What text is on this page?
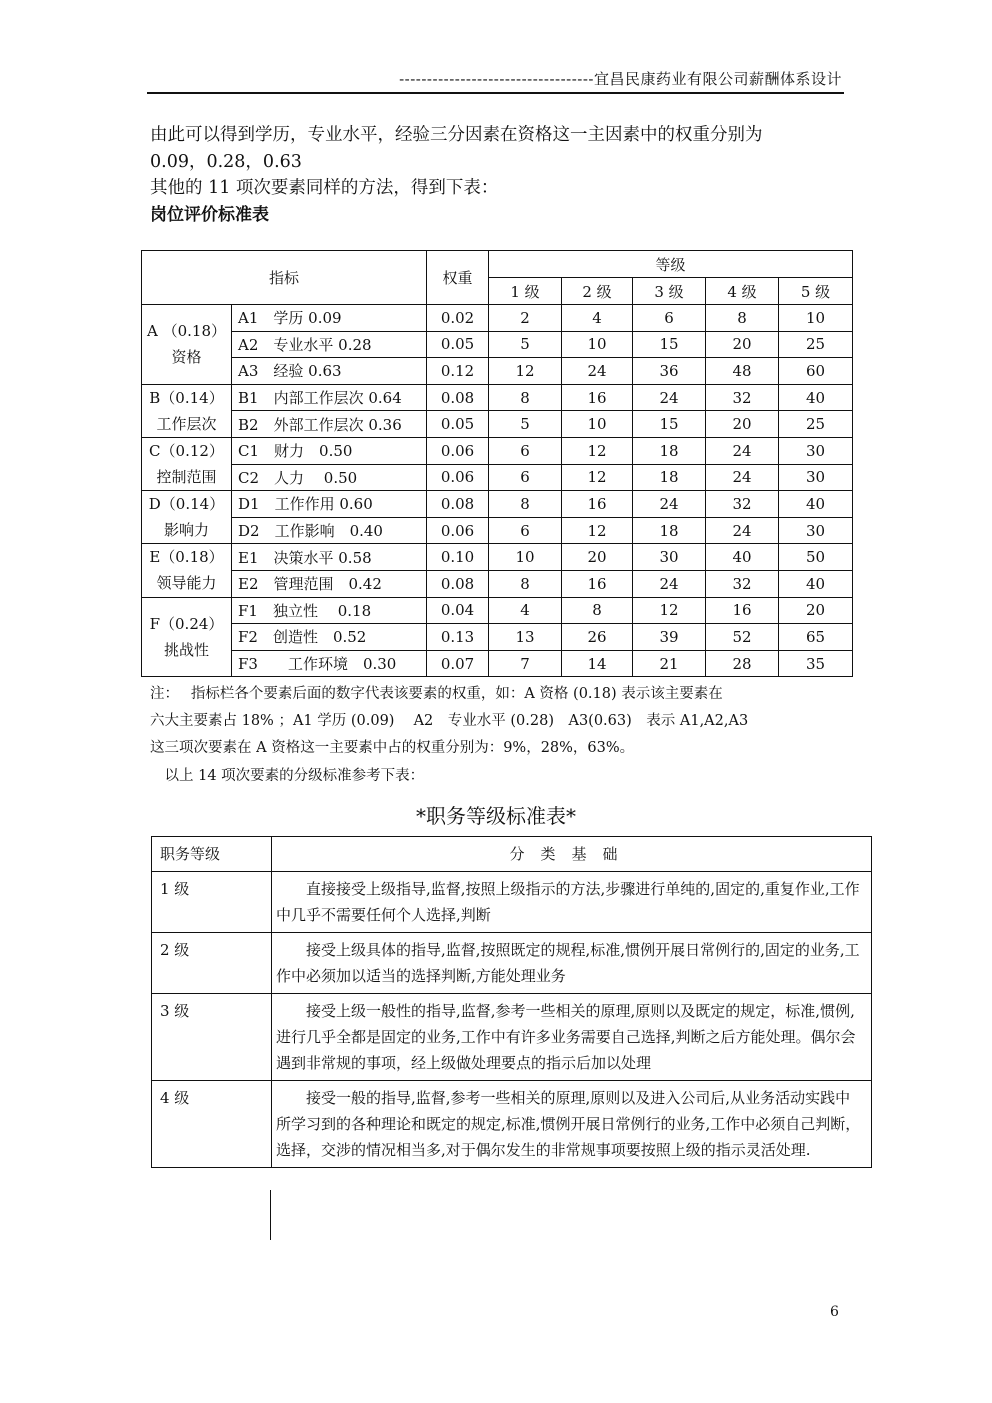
-----------------------------------宜昌民康药业有限公司薪酬体系设计
由此可以得到学历，专业水平，经验三分因素在资格这一主因素中的权重分别为
0.09，0.28，0.63
其他的 11 项次要素同样的方法，得到下表：
岗位评价标准表
指标		权重	等级				
			1 级	2 级	3 级	4 级	5 级

A （0.18）
资格	A1　学历 0.09	0.02	2	4	6	8	10
	A2　专业水平 0.28	0.05	5	10	15	20	25
	A3　经验 0.63	0.12	12	24	36	48	60

B（0.14）
工作层次	B1　内部工作层次 0.64	0.08	8	16	24	32	40
	B2　外部工作层次 0.36	0.05	5	10	15	20	25

C（0.12）
控制范围	C1　财力　0.50	0.06	6	12	18	24	30
	C2　人力　 0.50	0.06	6	12	18	24	30

D（0.14）
影响力	D1　工作作用 0.60	0.08	8	16	24	32	40
	D2　工作影响　0.40	0.06	6	12	18	24	30

E（0.18）
领导能力	E1　决策水平 0.58	0.10	10	20	30	40	50
	E2　管理范围　0.42	0.08	8	16	24	32	40

F（0.24）
挑战性	F1　独立性　 0.18	0.04	4	8	12	16	20
	F2　创造性　0.52	0.13	13	26	39	52	65
	F3　　工作环境　0.30	0.07	7	14	21	28	35
注：　 指标栏各个要素后面的数字代表该要素的权重，如：A 资格 (0.18) 表示该主要素在
六大主要素占 18% ；A1 学历 (0.09)　 A2　专业水平 (0.28)　A3(0.63)　表示 A1,A2,A3
这三项次要素在 A 资格这一主要素中占的权重分别为：9%，28%，63%。
　以上 14 项次要素的分级标准参考下表：
*职务等级标准表*
职务等级	分类基础
1 级	直接接受上级指导,监督,按照上级指示的方法,步骤进行单纯的,固定的,重复作业,工作中几乎不需要任何个人选择,判断
2 级	接受上级具体的指导,监督,按照既定的规程,标准,惯例开展日常例行的,固定的业务,工作中必须加以适当的选择判断,方能处理业务
3 级	接受上级一般性的指导,监督,参考一些相关的原理,原则以及既定的规定，标准,惯例,进行几乎全都是固定的业务,工作中有许多业务需要自己选择,判断之后方能处理。偶尔会遇到非常规的事项，经上级做处理要点的指示后加以处理
4 级	接受一般的指导,监督,参考一些相关的原理,原则以及进入公司后,从业务活动实践中所学习到的各种理论和既定的规定,标准,惯例开展日常例行的业务,工作中必须自己判断，选择，交涉的情况相当多,对于偶尔发生的非常规事项要按照上级的指示灵活处理.
6
